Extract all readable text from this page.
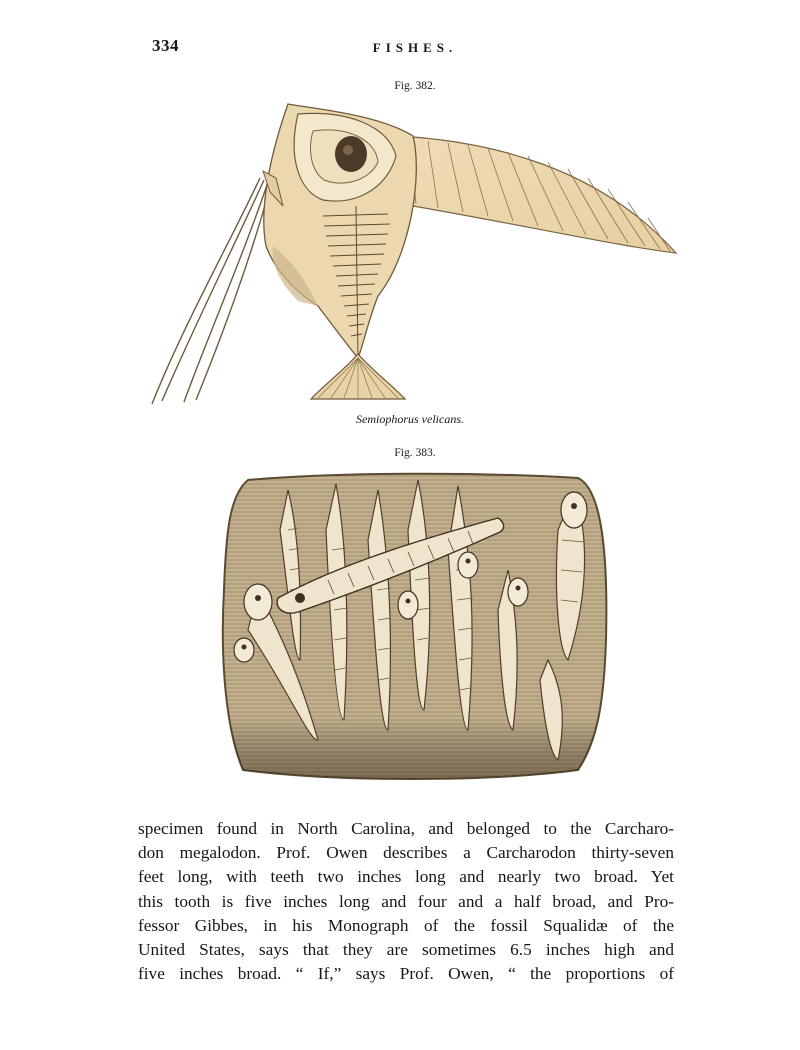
334	FISHES.
Fig. 382.
Semiophorus velicans.
Fig. 383.
specimen found in North Carolina, and belonged to the Carcharo-
don megalodon. Prof. Owen describes a Carcharodon thirty-seven
feet long, with teeth two inches long and nearly two broad. Yet
this tooth is five inches long and four and a half broad, and Pro-
fessor Gibbes, in his Monograph of the fossil Squalidæ of the
United States, says that they are sometimes 6.5 inches high and
five inches broad. “ If,” says Prof. Owen, “ the proportions of
